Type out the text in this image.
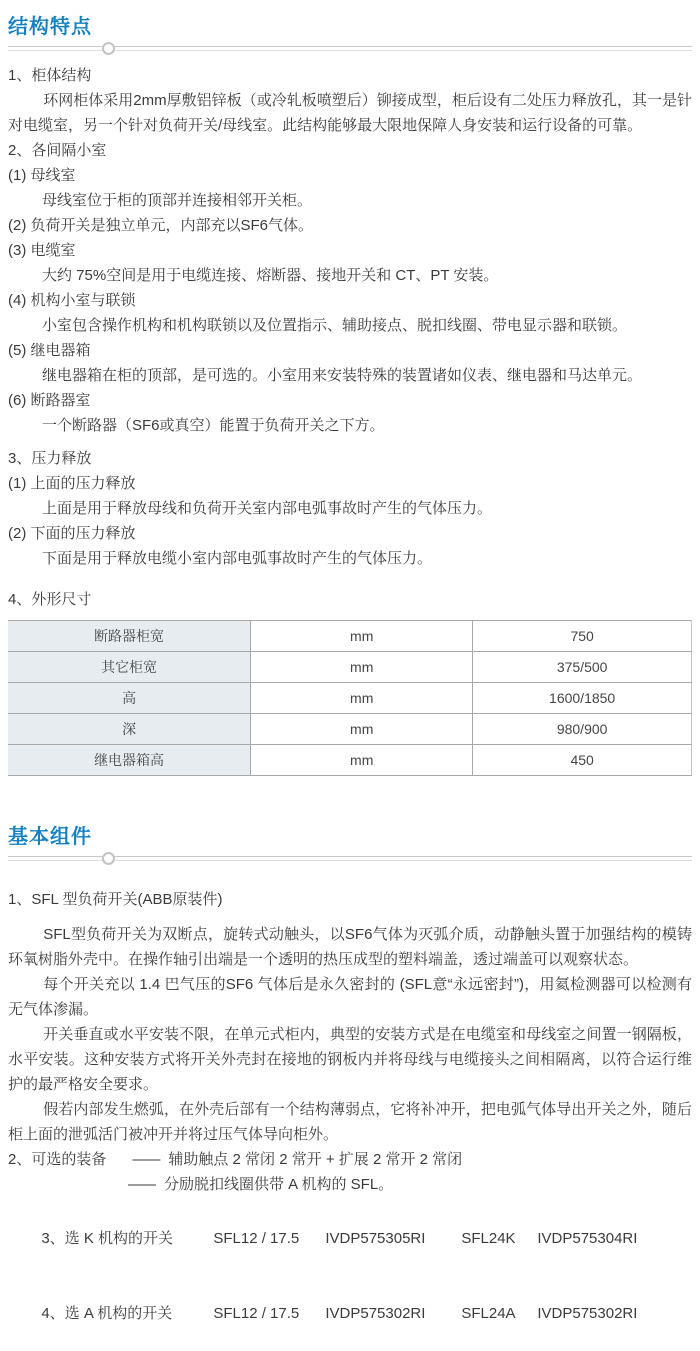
结构特点
1、柜体结构
环网柜体采用2mm厚敷铝锌板（或冷轧板喷塑后）铆接成型，柜后设有二处压力释放孔，其一是针对电缆室，另一个针对负荷开关/母线室。此结构能够最大限地保障人身安装和运行设备的可靠。
2、各间隔小室
(1) 母线室
母线室位于柜的顶部并连接相邻开关柜。
(2) 负荷开关是独立单元，内部充以SF6气体。
(3) 电缆室
大约 75%空间是用于电缆连接、熔断器、接地开关和 CT、PT 安装。
(4) 机构小室与联锁
小室包含操作机构和机构联锁以及位置指示、辅助接点、脱扣线圈、带电显示器和联锁。
(5) 继电器箱
继电器箱在柜的顶部，是可选的。小室用来安装特殊的装置诸如仪表、继电器和马达单元。
(6) 断路器室
一个断路器（SF6或真空）能置于负荷开关之下方。
3、压力释放
(1) 上面的压力释放
上面是用于释放母线和负荷开关室内部电弧事故时产生的气体压力。
(2) 下面的压力释放
下面是用于释放电缆小室内部电弧事故时产生的气体压力。
4、外形尺寸
断路器柜宽	mm	750
其它柜宽	mm	375/500
高	mm	1600/1850
深	mm	980/900
继电器箱高	mm	450
基本组件
1、SFL 型负荷开关(ABB原装件)
SFL型负荷开关为双断点，旋转式动触头，以SF6气体为灭弧介质，动静触头置于加强结构的模铸环氧树脂外壳中。在操作轴引出端是一个透明的热压成型的塑料端盖，透过端盖可以观察状态。
每个开关充以 1.4 巴气压的SF6 气体后是永久密封的 (SFL意“永远密封”)，用氦检测器可以检测有无气体渗漏。
开关垂直或水平安装不限，在单元式柜内，典型的安装方式是在电缆室和母线室之间置一钢隔板，水平安装。这种安装方式将开关外壳封在接地的钢板内并将母线与电缆接头之间相隔离，以符合运行维护的最严格安全要求。
假若内部发生燃弧，在外壳后部有一个结构薄弱点，它将补冲开，把电弧气体导出开关之外，随后柜上面的泄弧活门被冲开并将过压气体导向柜外。
2、可选的装备 —— 辅助触点 2 常闭 2 常开 + 扩展 2 常开 2 常闭
—— 分励脱扣线圈供带 A 机构的 SFL。

3、选 K 机构的开关	SFL12 / 17.5 IVDP575305RI SFL24K IVDP575304RI

4、选 A 机构的开关	SFL12 / 17.5 IVDP575302RI SFL24A IVDP575302RI
